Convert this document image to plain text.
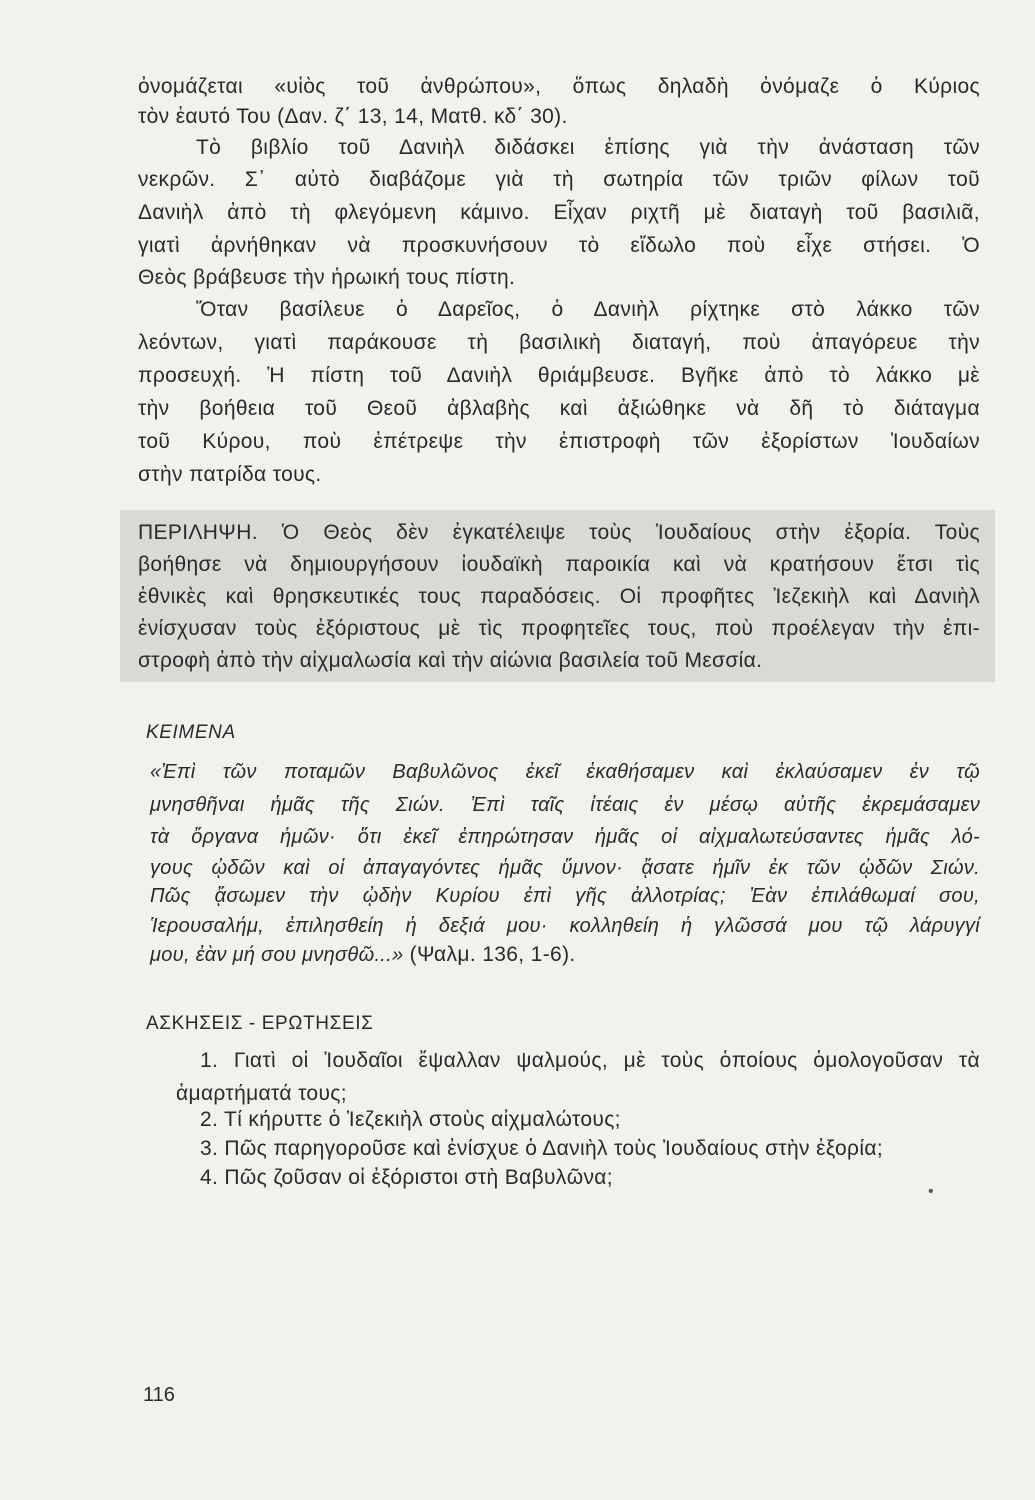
ὀνομάζεται «υἱὸς τοῦ ἀνθρώπου», ὅπως δηλαδὴ ὀνόμαζε ὁ Κύριος
τὸν ἑαυτό Του (Δαν. ζ΄ 13, 14, Ματθ. κδ΄ 30).
Τὸ βιβλίο τοῦ Δανιὴλ διδάσκει ἐπίσης γιὰ τὴν ἀνάσταση τῶν
νεκρῶν. Σ᾽ αὐτὸ διαβάζομε γιὰ τὴ σωτηρία τῶν τριῶν φίλων τοῦ
Δανιὴλ ἀπὸ τὴ φλεγόμενη κάμινο. Εἶχαν ριχτῆ μὲ διαταγὴ τοῦ βασιλιᾶ,
γιατὶ ἀρνήθηκαν νὰ προσκυνήσουν τὸ εἴδωλο ποὺ εἶχε στήσει. Ὁ
Θεὸς βράβευσε τὴν ἡρωική τους πίστη.
Ὅταν βασίλευε ὁ Δαρεῖος, ὁ Δανιὴλ ρίχτηκε στὸ λάκκο τῶν
λεόντων, γιατὶ παράκουσε τὴ βασιλικὴ διαταγή, ποὺ ἀπαγόρευε τὴν
προσευχή. Ἡ πίστη τοῦ Δανιὴλ θριάμβευσε. Βγῆκε ἀπὸ τὸ λάκκο μὲ
τὴν βοήθεια τοῦ Θεοῦ ἀβλαβὴς καὶ ἀξιώθηκε νὰ δῆ τὸ διάταγμα
τοῦ Κύρου, ποὺ ἐπέτρεψε τὴν ἐπιστροφὴ τῶν ἐξορίστων Ἰουδαίων
στὴν πατρίδα τους.
ΠΕΡΙΛΗΨΗ. Ὁ Θεὸς δὲν ἐγκατέλειψε τοὺς Ἰουδαίους στὴν ἐξορία. Τοὺς
βοήθησε νὰ δημιουργήσουν ἰουδαϊκὴ παροικία καὶ νὰ κρατήσουν ἔτσι τὶς
ἐθνικὲς καὶ θρησκευτικές τους παραδόσεις. Οἱ προφῆτες Ἰεζεκιὴλ καὶ Δανιὴλ
ἐνίσχυσαν τοὺς ἐξόριστους μὲ τὶς προφητεῖες τους, ποὺ προέλεγαν τὴν ἐπι-
στροφὴ ἀπὸ τὴν αἰχμαλωσία καὶ τὴν αἰώνια βασιλεία τοῦ Μεσσία.
ΚΕΙΜΕΝΑ
«Ἐπὶ τῶν ποταμῶν Βαβυλῶνος ἐκεῖ ἐκαθήσαμεν καὶ ἐκλαύσαμεν ἐν τῷ
μνησθῆναι ἡμᾶς τῆς Σιών. Ἐπὶ ταῖς ἰτέαις ἐν μέσῳ αὐτῆς ἐκρεμάσαμεν
τὰ ὄργανα ἡμῶν· ὅτι ἐκεῖ ἐπηρώτησαν ἡμᾶς οἱ αἰχμαλωτεύσαντες ἡμᾶς λό-
γους ᾠδῶν καὶ οἱ ἀπαγαγόντες ἡμᾶς ὕμνον· ᾄσατε ἡμῖν ἐκ τῶν ᾠδῶν Σιών.
Πῶς ᾄσωμεν τὴν ᾠδὴν Κυρίου ἐπὶ γῆς ἀλλοτρίας; Ἐὰν ἐπιλάθωμαί σου,
Ἱερουσαλήμ, ἐπιλησθείη ἡ δεξιά μου· κολληθείη ἡ γλῶσσά μου τῷ λάρυγγί
μου, ἐὰν μή σου μνησθῶ...» (Ψαλμ. 136, 1-6).
ΑΣΚΗΣΕΙΣ - ΕΡΩΤΗΣΕΙΣ
1. Γιατὶ οἱ Ἰουδαῖοι ἔψαλλαν ψαλμούς, μὲ τοὺς ὁποίους ὁμολογοῦσαν τὰ
ἁμαρτήματά τους;
2. Τί κήρυττε ὁ Ἰεζεκιὴλ στοὺς αἰχμαλώτους;
3. Πῶς παρηγοροῦσε καὶ ἐνίσχυε ὁ Δανιὴλ τοὺς Ἰουδαίους στὴν ἐξορία;
4. Πῶς ζοῦσαν οἱ ἐξόριστοι στὴ Βαβυλῶνα;
•
116
